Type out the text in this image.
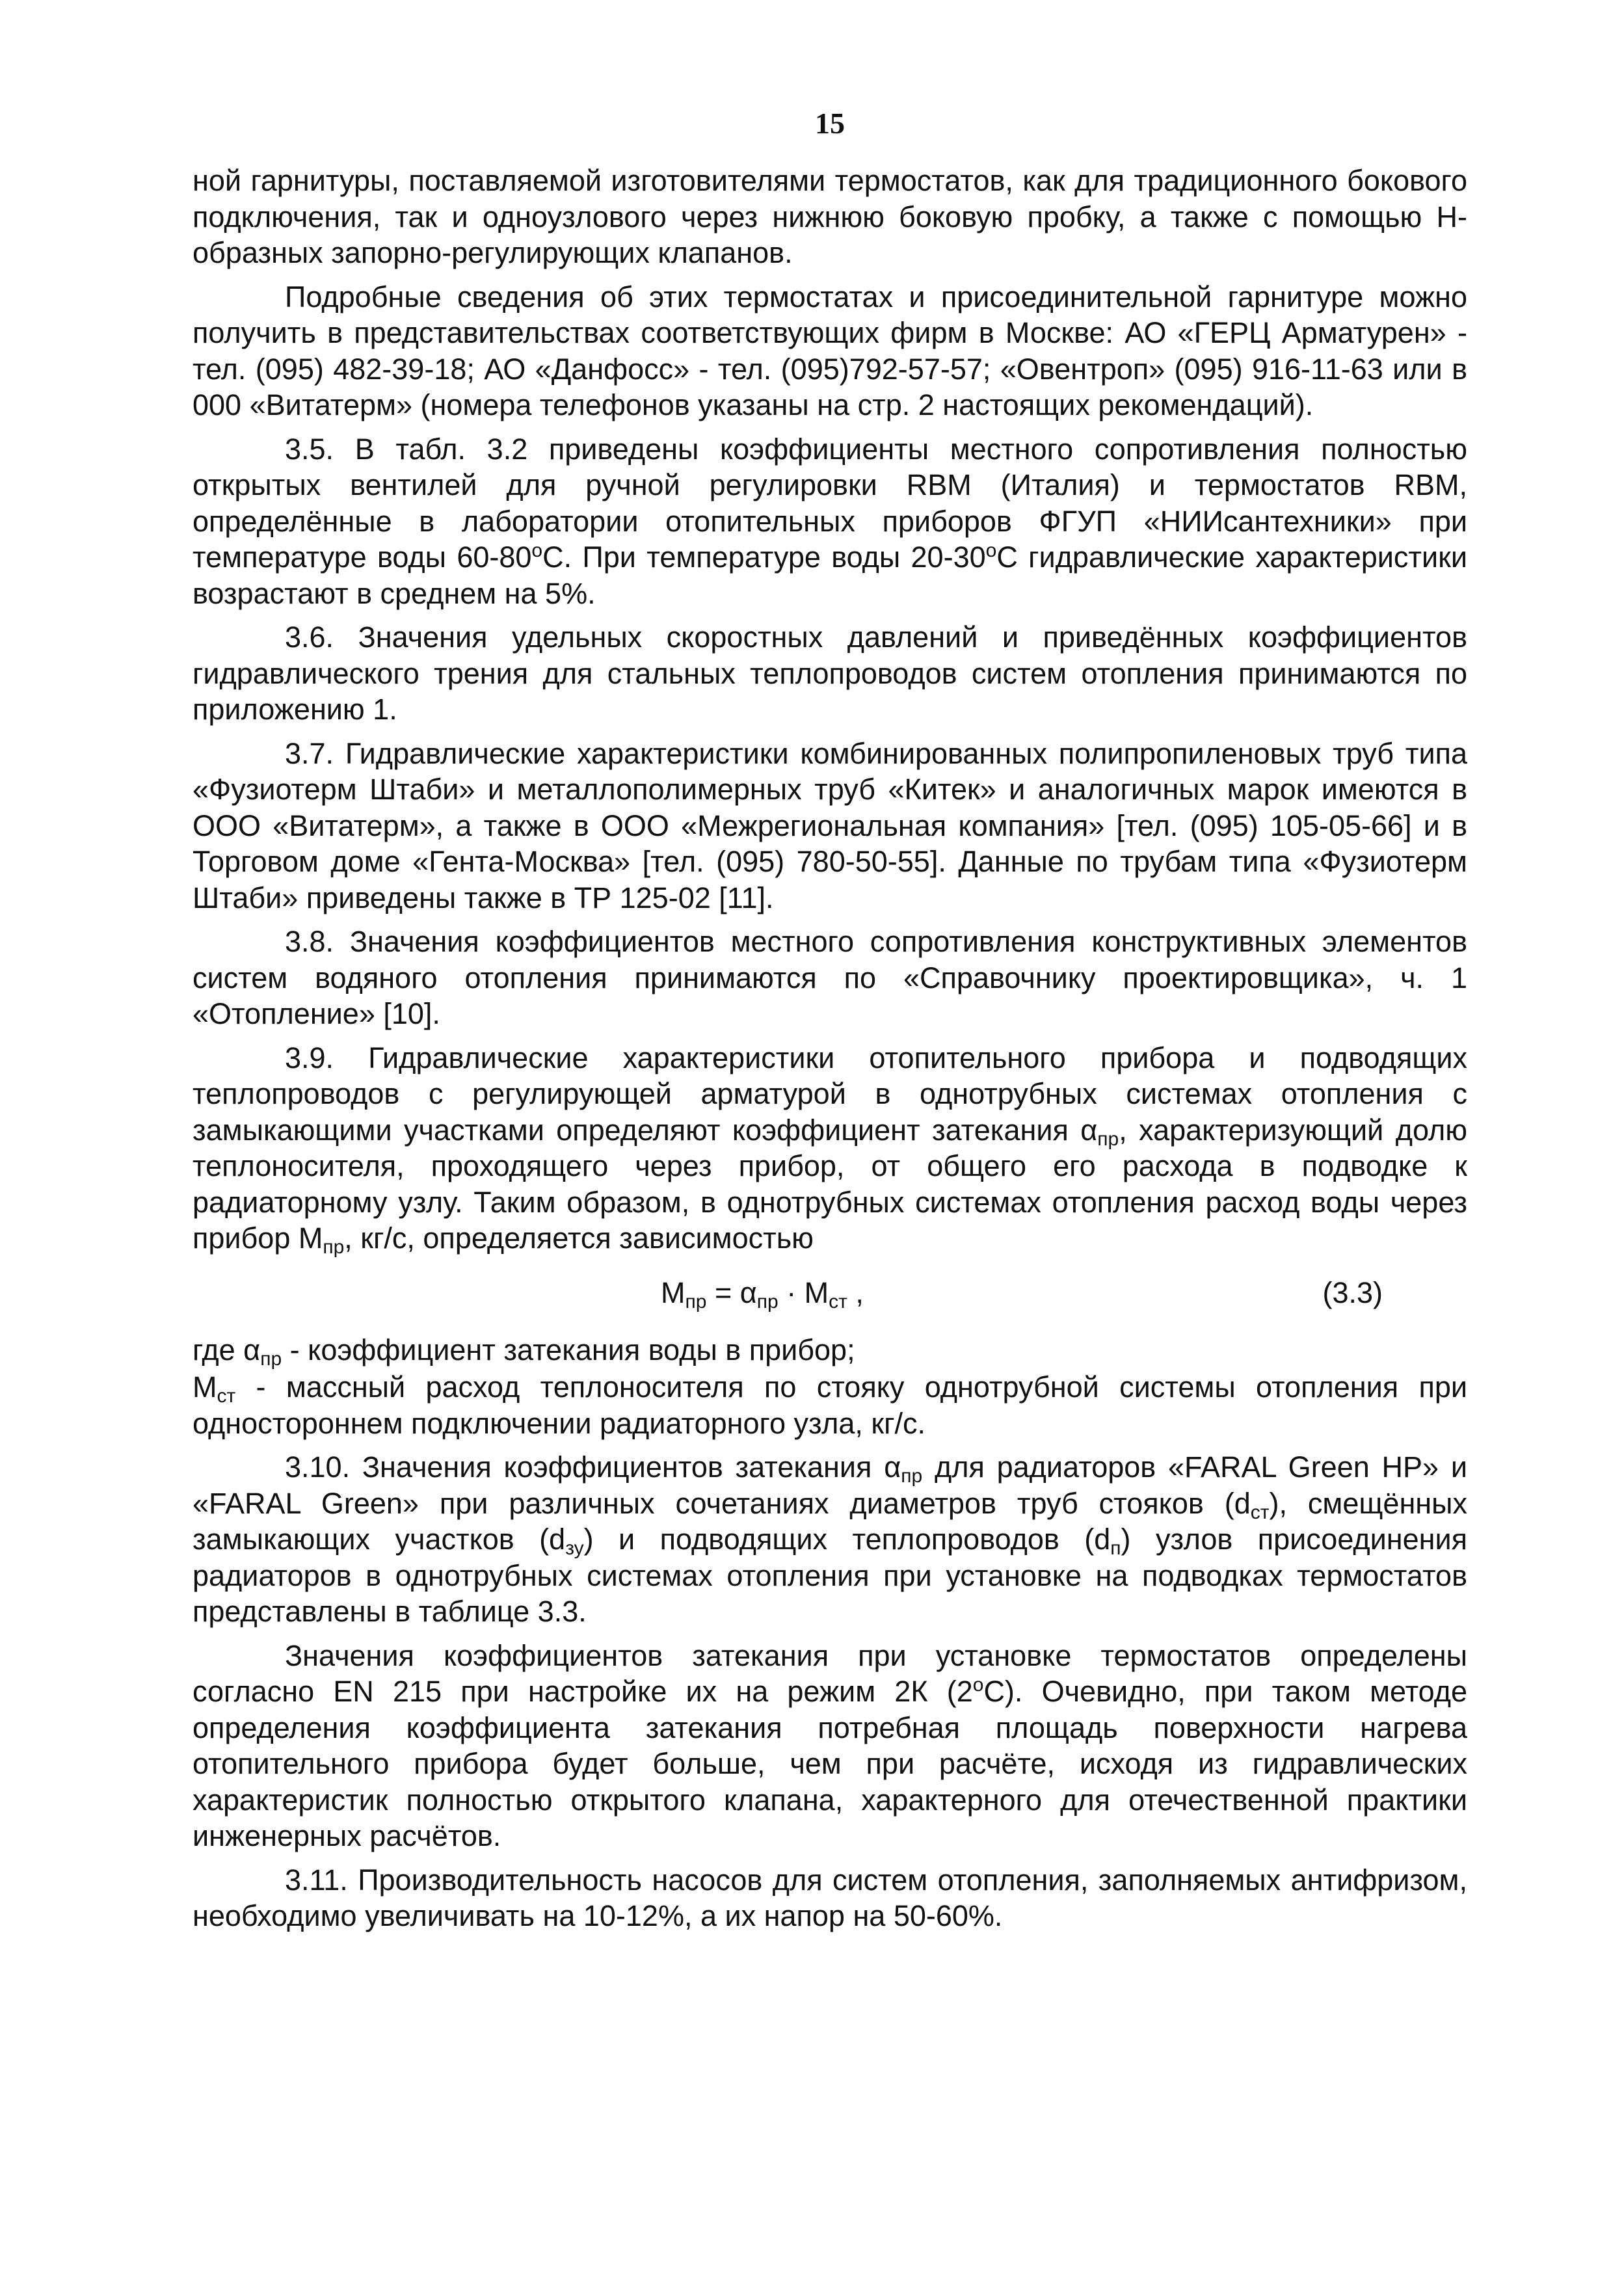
15

ной гарнитуры, поставляемой изготовителями термостатов, как для традиционного бокового подключения, так и одноузлового через нижнюю боковую пробку, а также с помощью Н-образных запорно-регулирующих клапанов.

Подробные сведения об этих термостатах и присоединительной гарнитуре можно получить в представительствах соответствующих фирм в Москве: АО «ГЕРЦ Арматурен» - тел. (095) 482-39-18; АО «Данфосс» - тел. (095)792-57-57; «Овентроп» (095) 916-11-63 или в 000 «Витатерм» (номера телефонов указаны на стр. 2 настоящих рекомендаций).

3.5. В табл. 3.2 приведены коэффициенты местного сопротивления полностью открытых вентилей для ручной регулировки RBM (Италия) и термостатов RBM, определённые в лаборатории отопительных приборов ФГУП «НИИсантехники» при температуре воды 60-80$^o$С. При температуре воды 20-30$^o$С гидравлические характеристики возрастают в среднем на 5%.

3.6. Значения удельных скоростных давлений и приведённых коэффициентов гидравлического трения для стальных теплопроводов систем отопления принимаются по приложению 1.

3.7. Гидравлические характеристики комбинированных полипропиленовых труб типа «Фузиотерм Штаби» и металлополимерных труб «Китек» и аналогичных марок имеются в ООО «Витатерм», а также в ООО «Межрегиональная компания» [тел. (095) 105-05-66] и в Торговом доме «Гента-Москва» [тел. (095) 780-50-55]. Данные по трубам типа «Фузиотерм Штаби» приведены также в ТР 125-02 [11].

3.8. Значения коэффициентов местного сопротивления конструктивных элементов систем водяного отопления принимаются по «Справочнику проектировщика», ч. 1 «Отопление» [10].

3.9. Гидравлические характеристики отопительного прибора и подводящих теплопроводов с регулирующей арматурой в однотрубных системах отопления с замыкающими участками определяют коэффициент затекания $\alpha_{пр}$, характеризующий долю теплоносителя, проходящего через прибор, от общего его расхода в подводке к радиаторному узлу. Таким образом, в однотрубных системах отопления расход воды через прибор $М_{пр}$, кг/с, определяется зависимостью

$М_{пр} = \alpha_{пр} \cdot М_{ст}$ ,	(3.3)

где $\alpha_{пр}$ - коэффициент затекания воды в прибор;

$М_{ст}$ - массный расход теплоносителя по стояку однотрубной системы отопления при одностороннем подключении радиаторного узла, кг/с.

3.10. Значения коэффициентов затекания $\alpha_{пр}$ для радиаторов «FARAL Green HP» и «FARAL Green» при различных сочетаниях диаметров труб стояков $(d_{ст})$, смещённых замыкающих участков $(d_{зу})$ и подводящих теплопроводов $(d_п)$ узлов присоединения радиаторов в однотрубных системах отопления при установке на подводках термостатов представлены в таблице 3.3.

Значения коэффициентов затекания при установке термостатов определены согласно EN 215 при настройке их на режим 2К (2$^o$С). Очевидно, при таком методе определения коэффициента затекания потребная площадь поверхности нагрева отопительного прибора будет больше, чем при расчёте, исходя из гидравлических характеристик полностью открытого клапана, характерного для отечественной практики инженерных расчётов.

3.11. Производительность насосов для систем отопления, заполняемых антифризом, необходимо увеличивать на 10-12%, а их напор на 50-60%.
